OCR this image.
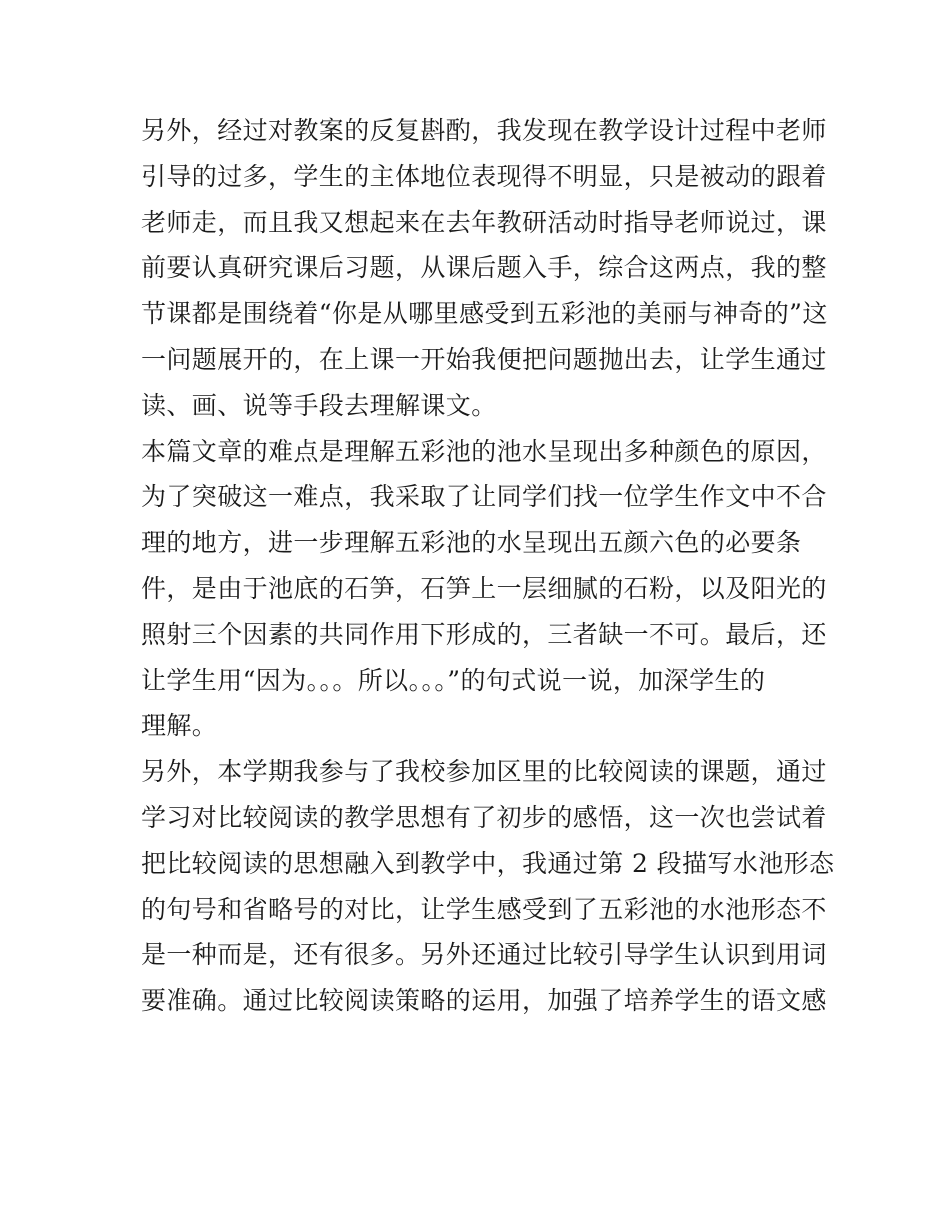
另外，经过对教案的反复斟酌，我发现在教学设计过程中老师
引导的过多，学生的主体地位表现得不明显，只是被动的跟着
老师走，而且我又想起来在去年教研活动时指导老师说过，课
前要认真研究课后习题，从课后题入手，综合这两点，我的整
节课都是围绕着“你是从哪里感受到五彩池的美丽与神奇的”这
一问题展开的，在上课一开始我便把问题抛出去，让学生通过
读、画、说等手段去理解课文。
本篇文章的难点是理解五彩池的池水呈现出多种颜色的原因，
为了突破这一难点，我采取了让同学们找一位学生作文中不合
理的地方，进一步理解五彩池的水呈现出五颜六色的必要条
件，是由于池底的石笋，石笋上一层细腻的石粉，以及阳光的
照射三个因素的共同作用下形成的，三者缺一不可。最后，还
让学生用“因为。。。所以。。。”的句式说一说，加深学生的
理解。
另外，本学期我参与了我校参加区里的比较阅读的课题，通过
学习对比较阅读的教学思想有了初步的感悟，这一次也尝试着
把比较阅读的思想融入到教学中，我通过第 2 段描写水池形态
的句号和省略号的对比，让学生感受到了五彩池的水池形态不
是一种而是，还有很多。另外还通过比较引导学生认识到用词
要准确。通过比较阅读策略的运用，加强了培养学生的语文感
